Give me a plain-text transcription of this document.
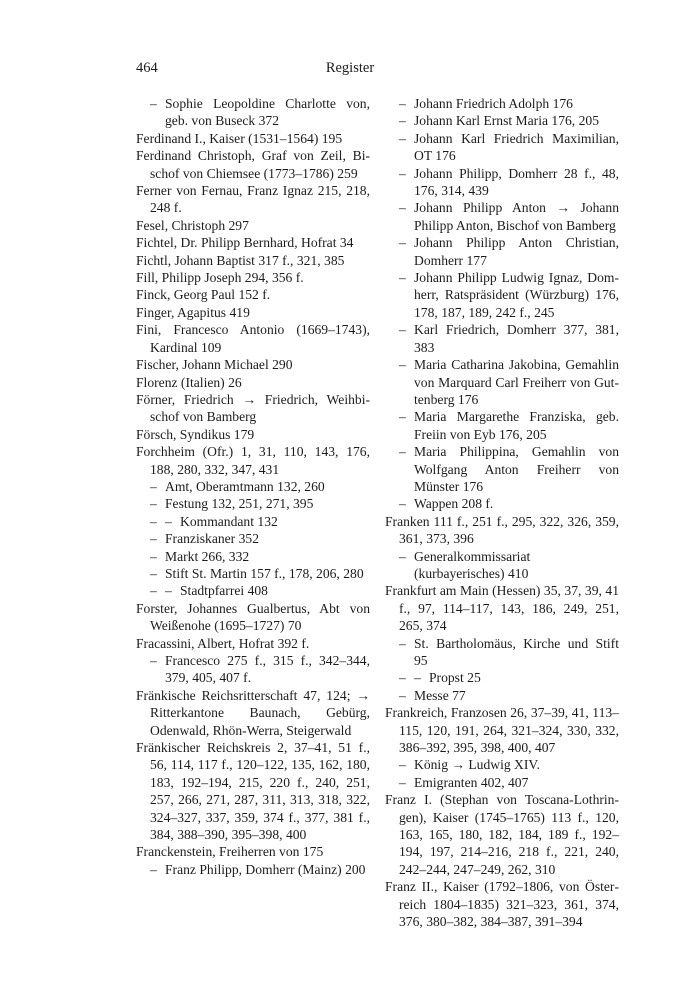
464	Register
– Sophie Leopoldine Charlotte von, geb. von Buseck 372
Ferdinand I., Kaiser (1531–1564) 195
Ferdinand Christoph, Graf von Zeil, Bischof von Chiemsee (1773–1786) 259
Ferner von Fernau, Franz Ignaz 215, 218, 248 f.
Fesel, Christoph 297
Fichtel, Dr. Philipp Bernhard, Hofrat 34
Fichtl, Johann Baptist 317 f., 321, 385
Fill, Philipp Joseph 294, 356 f.
Finck, Georg Paul 152 f.
Finger, Agapitus 419
Fini, Francesco Antonio (1669–1743), Kardinal 109
Fischer, Johann Michael 290
Florenz (Italien) 26
Förner, Friedrich → Friedrich, Weihbischof von Bamberg
Försch, Syndikus 179
Forchheim (Ofr.) 1, 31, 110, 143, 176, 188, 280, 332, 347, 431
– Amt, Oberamtmann 132, 260
– Festung 132, 251, 271, 395
– – Kommandant 132
– Franziskaner 352
– Markt 266, 332
– Stift St. Martin 157 f., 178, 206, 280
– – Stadtpfarrei 408
Forster, Johannes Gualbertus, Abt von Weißenohe (1695–1727) 70
Fracassini, Albert, Hofrat 392 f.
– Francesco 275 f., 315 f., 342–344, 379, 405, 407 f.
Fränkische Reichsritterschaft 47, 124; → Ritterkantone Baunach, Gebürg, Odenwald, Rhön-Werra, Steigerwald
Fränkischer Reichskreis 2, 37–41, 51 f., 56, 114, 117 f., 120–122, 135, 162, 180, 183, 192–194, 215, 220 f., 240, 251, 257, 266, 271, 287, 311, 313, 318, 322, 324–327, 337, 359, 374 f., 377, 381 f., 384, 388–390, 395–398, 400
Franckenstein, Freiherren von 175
– Franz Philipp, Domherr (Mainz) 200
– Johann Friedrich Adolph 176
– Johann Karl Ernst Maria 176, 205
– Johann Karl Friedrich Maximilian, OT 176
– Johann Philipp, Domherr 28 f., 48, 176, 314, 439
– Johann Philipp Anton → Johann Philipp Anton, Bischof von Bamberg
– Johann Philipp Anton Christian, Domherr 177
– Johann Philipp Ludwig Ignaz, Domherr, Ratspräsident (Würzburg) 176, 178, 187, 189, 242 f., 245
– Karl Friedrich, Domherr 377, 381, 383
– Maria Catharina Jakobina, Gemahlin von Marquard Carl Freiherr von Guttenberg 176
– Maria Margarethe Franziska, geb. Freiin von Eyb 176, 205
– Maria Philippina, Gemahlin von Wolfgang Anton Freiherr von Münster 176
– Wappen 208 f.
Franken 111 f., 251 f., 295, 322, 326, 359, 361, 373, 396
– Generalkommissariat (kurbayerisches) 410
Frankfurt am Main (Hessen) 35, 37, 39, 41 f., 97, 114–117, 143, 186, 249, 251, 265, 374
– St. Bartholomäus, Kirche und Stift 95
– – Propst 25
– Messe 77
Frankreich, Franzosen 26, 37–39, 41, 113–115, 120, 191, 264, 321–324, 330, 332, 386–392, 395, 398, 400, 407
– König → Ludwig XIV.
– Emigranten 402, 407
Franz I. (Stephan von Toscana-Lothringen), Kaiser (1745–1765) 113 f., 120, 163, 165, 180, 182, 184, 189 f., 192–194, 197, 214–216, 218 f., 221, 240, 242–244, 247–249, 262, 310
Franz II., Kaiser (1792–1806, von Österreich 1804–1835) 321–323, 361, 374, 376, 380–382, 384–387, 391–394
